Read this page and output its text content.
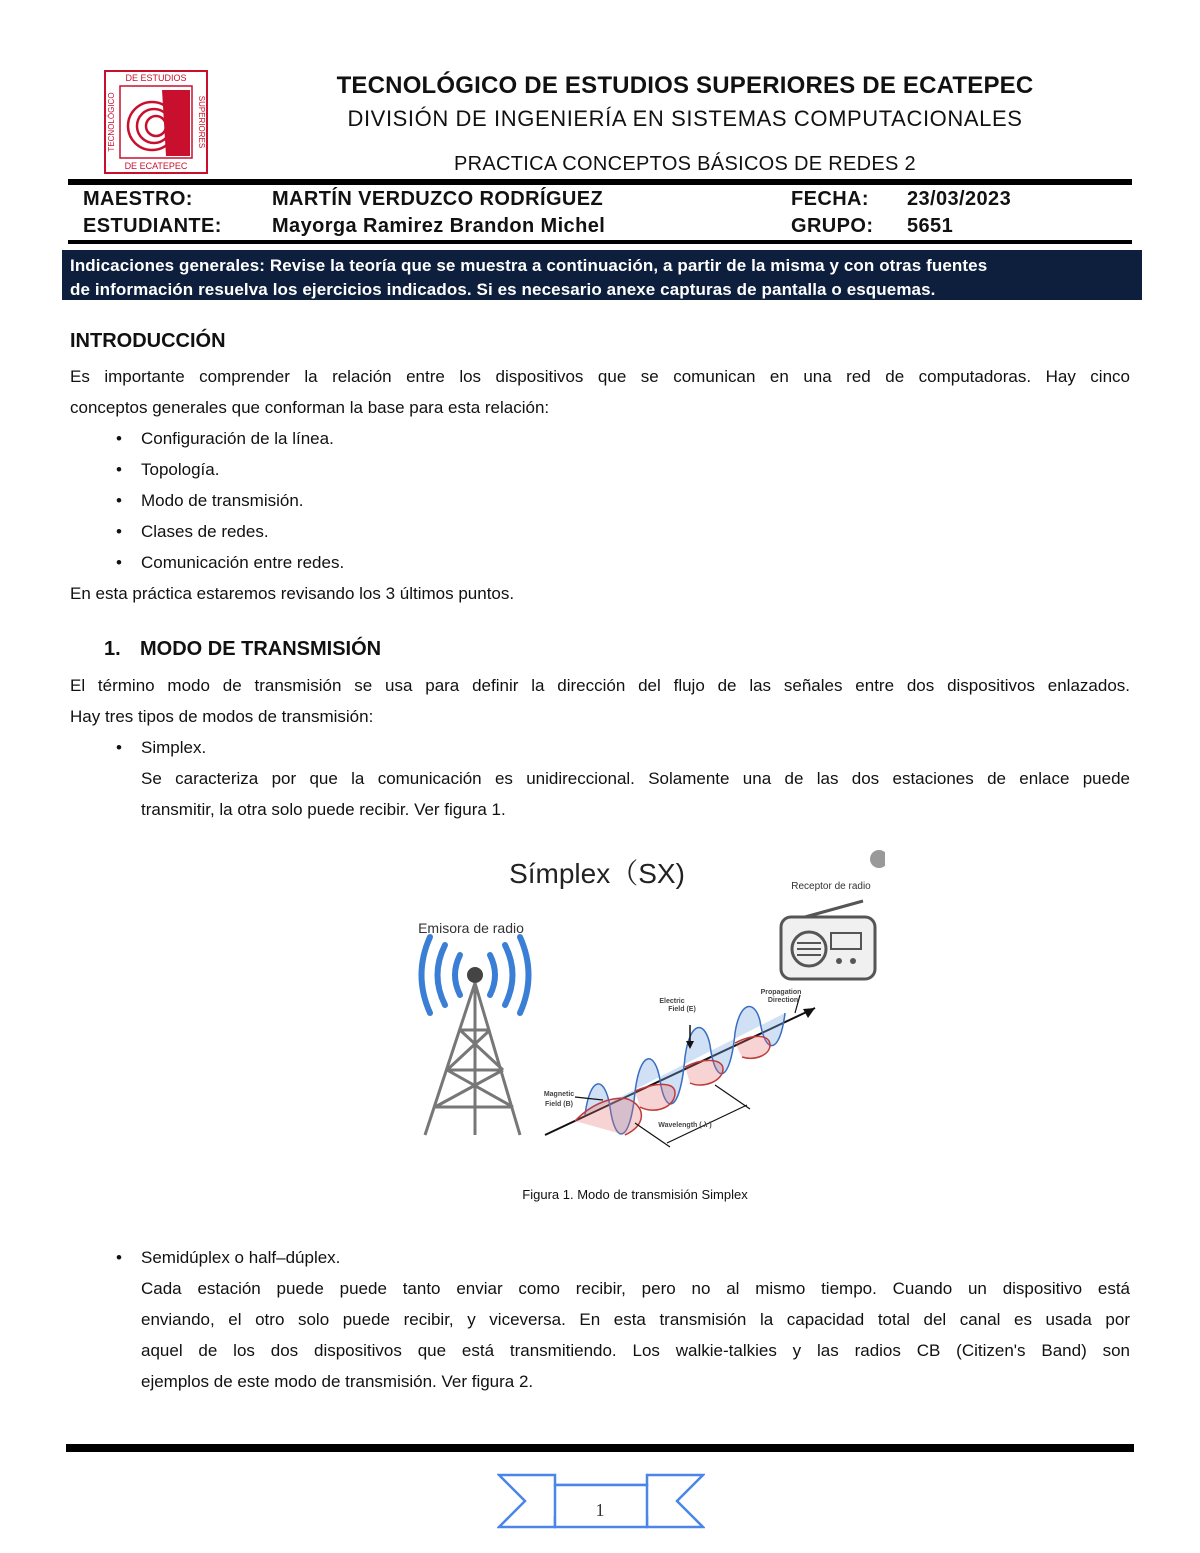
DE ESTUDIOS
DE ECATEPEC
TECNOLÓGICO	SUPERIORES
TECNOLÓGICO DE ESTUDIOS SUPERIORES DE ECATEPEC
DIVISIÓN DE INGENIERÍA EN SISTEMAS COMPUTACIONALES
PRACTICA CONCEPTOS BÁSICOS DE REDES 2
MAESTRO:	MARTÍN VERDUZCO RODRÍGUEZ	FECHA: 23/03/2023
ESTUDIANTE:	Mayorga Ramirez Brandon Michel	GRUPO: 5651
Indicaciones generales: Revise la teoría que se muestra a continuación, a partir de la misma y con otras fuentes
de información resuelva los ejercicios indicados. Si es necesario anexe capturas de pantalla o esquemas.
INTRODUCCIÓN
Es importante comprender la relación entre los dispositivos que se comunican en una red de computadoras. Hay cinco
conceptos generales que conforman la base para esta relación:
• Configuración de la línea.
• Topología.
• Modo de transmisión.
• Clases de redes.
• Comunicación entre redes.
En esta práctica estaremos revisando los 3 últimos puntos.
1. MODO DE TRANSMISIÓN
El término modo de transmisión se usa para definir la dirección del flujo de las señales entre dos dispositivos enlazados.
Hay tres tipos de modos de transmisión:
• Simplex.
Se caracteriza por que la comunicación es unidireccional. Solamente una de las dos estaciones de enlace puede
transmitir, la otra solo puede recibir. Ver figura 1.
Símplex（SX)
Emisora de radio
Receptor de radio
Electric
Field (E)
Propagation
Direction
Magnetic
Field (B)
Wavelength ( λ )
Figura 1. Modo de transmisión Simplex
• Semidúplex o half–dúplex.
Cada estación puede puede tanto enviar como recibir, pero no al mismo tiempo. Cuando un dispositivo está
enviando, el otro solo puede recibir, y viceversa. En esta transmisión la capacidad total del canal es usada por
aquel de los dos dispositivos que está transmitiendo. Los walkie-talkies y las radios CB (Citizen's Band) son
ejemplos de este modo de transmisión. Ver figura 2.
1
